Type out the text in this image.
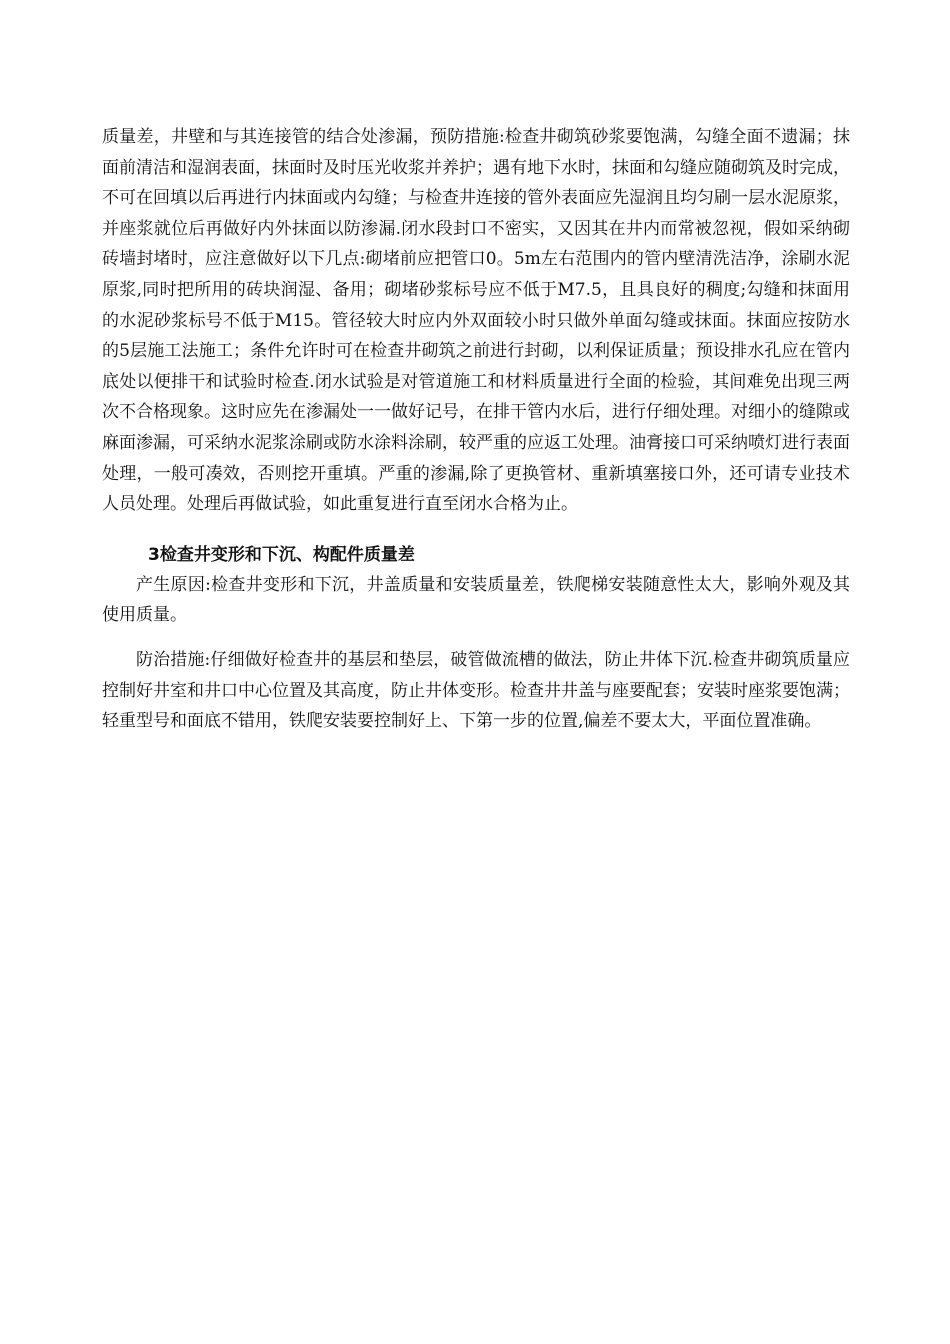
质量差，井壁和与其连接管的结合处渗漏，预防措施:检查井砌筑砂浆要饱满，勾缝全面不遗漏；抹面前清洁和湿润表面，抹面时及时压光收浆并养护；遇有地下水时，抹面和勾缝应随砌筑及时完成，不可在回填以后再进行内抹面或内勾缝；与检查井连接的管外表面应先湿润且均匀刷一层水泥原浆，并座浆就位后再做好内外抹面以防渗漏.闭水段封口不密实，又因其在井内而常被忽视，假如采纳砌砖墙封堵时，应注意做好以下几点:砌堵前应把管口0。5m左右范围内的管内壁清洗洁净，涂刷水泥原浆,同时把所用的砖块润湿、备用；砌堵砂浆标号应不低于M7.5，且具良好的稠度;勾缝和抹面用的水泥砂浆标号不低于M15。管径较大时应内外双面较小时只做外单面勾缝或抹面。抹面应按防水的5层施工法施工；条件允许时可在检查井砌筑之前进行封砌，以利保证质量；预设排水孔应在管内底处以便排干和试验时检查.闭水试验是对管道施工和材料质量进行全面的检验，其间难免出现三两次不合格现象。这时应先在渗漏处一一做好记号，在排干管内水后，进行仔细处理。对细小的缝隙或麻面渗漏，可采纳水泥浆涂刷或防水涂料涂刷，较严重的应返工处理。油膏接口可采纳喷灯进行表面处理，一般可凑效，否则挖开重填。严重的渗漏,除了更换管材、重新填塞接口外，还可请专业技术人员处理。处理后再做试验，如此重复进行直至闭水合格为止。

3检查井变形和下沉、构配件质量差

产生原因:检查井变形和下沉，井盖质量和安装质量差，铁爬梯安装随意性太大，影响外观及其使用质量。

防治措施:仔细做好检查井的基层和垫层，破管做流槽的做法，防止井体下沉.检查井砌筑质量应控制好井室和井口中心位置及其高度，防止井体变形。检查井井盖与座要配套；安装时座浆要饱满；轻重型号和面底不错用，铁爬安装要控制好上、下第一步的位置,偏差不要太大，平面位置准确。
